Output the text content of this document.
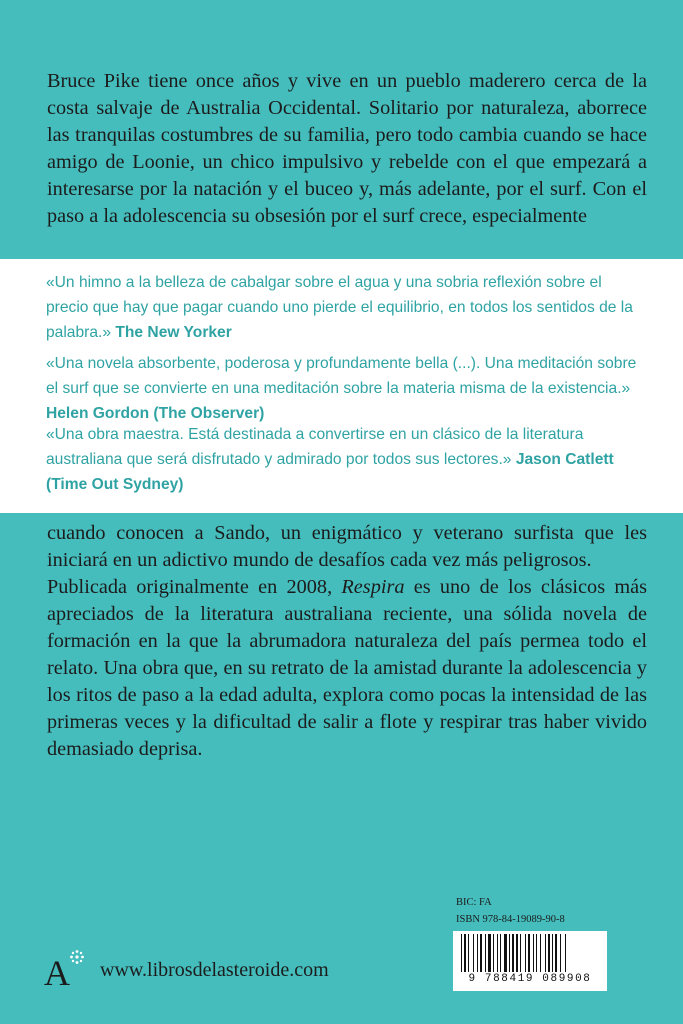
Bruce Pike tiene once años y vive en un pueblo maderero cerca de la costa salvaje de Australia Occidental. Solitario por naturaleza, aborrece las tranquilas costumbres de su familia, pero todo cambia cuando se hace amigo de Loonie, un chico impulsivo y rebelde con el que empezará a interesarse por la natación y el buceo y, más adelante, por el surf. Con el paso a la adolescencia su obsesión por el surf crece, especialmente
«Un himno a la belleza de cabalgar sobre el agua y una sobria reflexión sobre el precio que hay que pagar cuando uno pierde el equilibrio, en todos los sentidos de la palabra.» The New Yorker
«Una novela absorbente, poderosa y profundamente bella (...). Una meditación sobre el surf que se convierte en una meditación sobre la materia misma de la existencia.» Helen Gordon (The Observer)
«Una obra maestra. Está destinada a convertirse en un clásico de la literatura australiana que será disfrutado y admirado por todos sus lectores.» Jason Catlett (Time Out Sydney)

cuando conocen a Sando, un enigmático y veterano surfista que les iniciará en un adictivo mundo de desafíos cada vez más peligrosos.

Publicada originalmente en 2008, Respira es uno de los clásicos más apreciados de la literatura australiana reciente, una sólida novela de formación en la que la abrumadora naturaleza del país permea todo el relato. Una obra que, en su retrato de la amistad durante la adolescencia y los ritos de paso a la edad adulta, explora como pocas la intensidad de las primeras veces y la dificultad de salir a flote y respirar tras haber vivido demasiado deprisa.

BIC: FA
ISBN 978-84-19089-90-8
9 788419 089908
A www.librosdelasteroide.com
